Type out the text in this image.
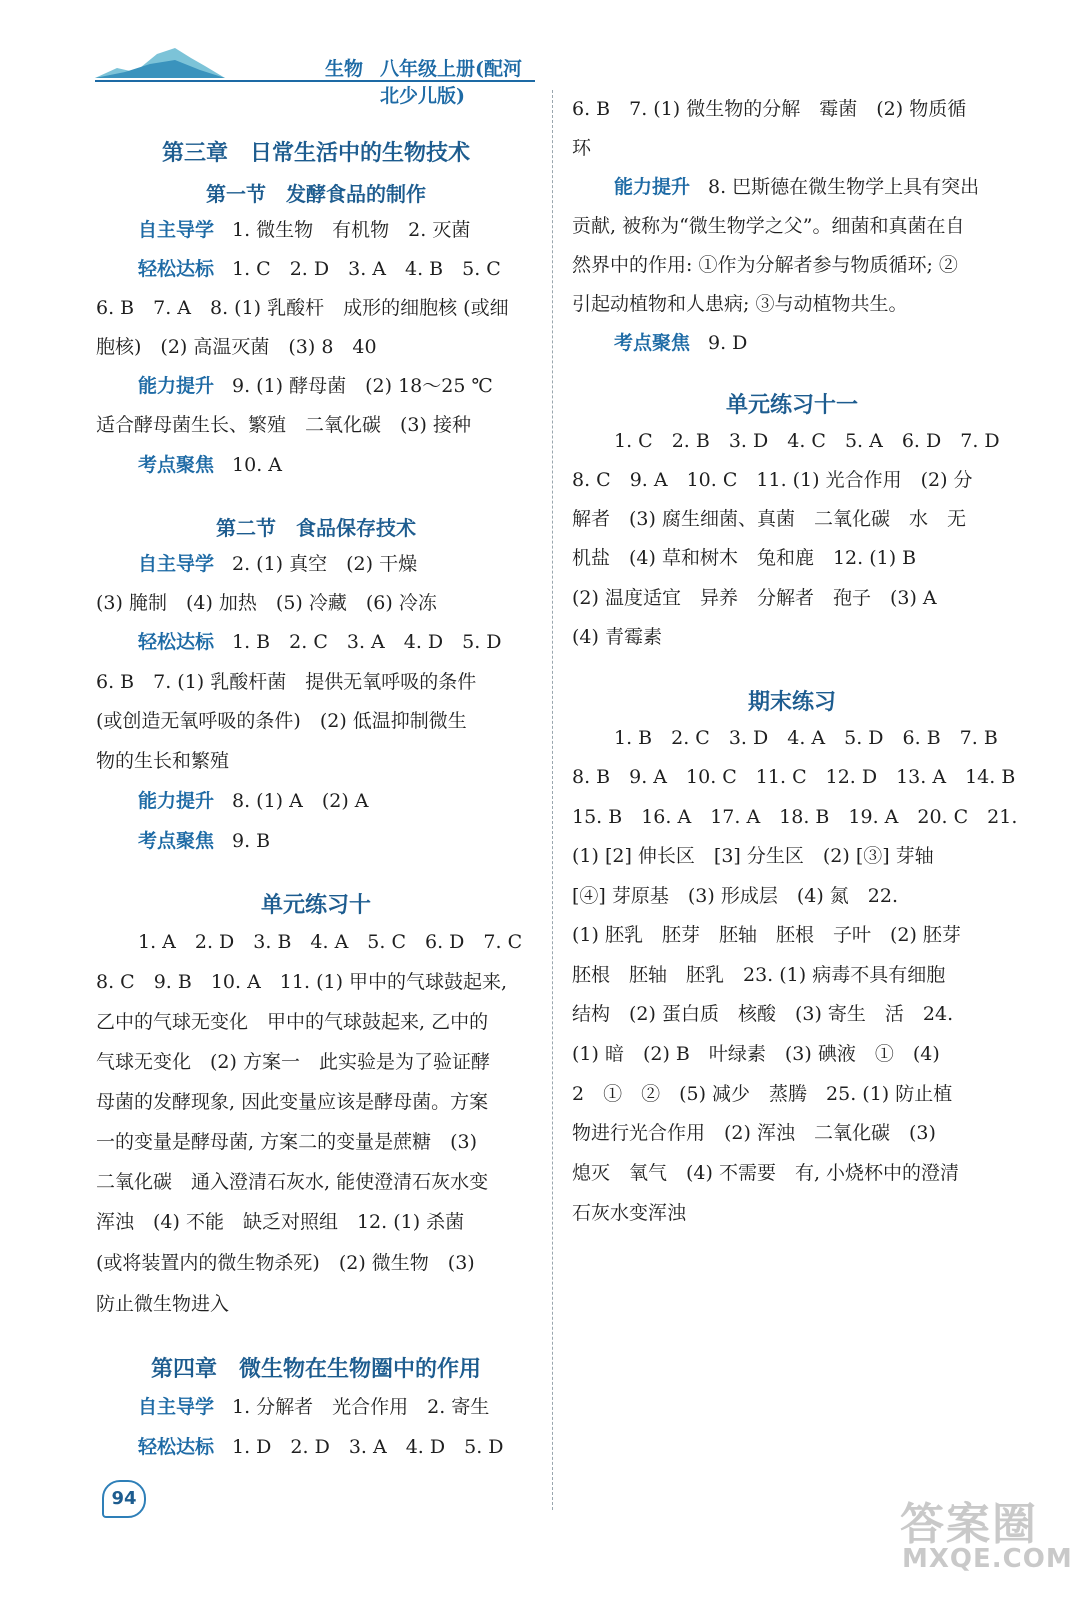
生物 八年级上册(配河北少儿版)
第三章　日常生活中的生物技术
第一节　发酵食品的制作
自主导学 1. 微生物　有机物　2. 灭菌
轻松达标 1. C　2. D　3. A　4. B　5. C
6. B　7. A　8. (1) 乳酸杆　成形的细胞核 (或细
胞核)　(2) 高温灭菌　(3) 8　40
能力提升 9. (1) 酵母菌　(2) 18～25 ℃
适合酵母菌生长、繁殖　二氧化碳　(3) 接种
考点聚焦 10. A
第二节　食品保存技术
自主导学 2. (1) 真空　(2) 干燥
(3) 腌制　(4) 加热　(5) 冷藏　(6) 冷冻
轻松达标 1. B　2. C　3. A　4. D　5. D
6. B　7. (1) 乳酸杆菌　提供无氧呼吸的条件
(或创造无氧呼吸的条件)　(2) 低温抑制微生
物的生长和繁殖
能力提升 8. (1) A　(2) A
考点聚焦 9. B
单元练习十
1. A　2. D　3. B　4. A　5. C　6. D　7. C
8. C　9. B　10. A　11. (1) 甲中的气球鼓起来,
乙中的气球无变化　甲中的气球鼓起来, 乙中的
气球无变化　(2) 方案一　此实验是为了验证酵
母菌的发酵现象, 因此变量应该是酵母菌。方案
一的变量是酵母菌, 方案二的变量是蔗糖　(3)
二氧化碳　通入澄清石灰水, 能使澄清石灰水变
浑浊　(4) 不能　缺乏对照组　12. (1) 杀菌
(或将装置内的微生物杀死)　(2) 微生物　(3)
防止微生物进入
第四章　微生物在生物圈中的作用
自主导学 1. 分解者　光合作用　2. 寄生
轻松达标 1. D　2. D　3. A　4. D　5. D
6. B　7. (1) 微生物的分解　霉菌　(2) 物质循
环
能力提升 8. 巴斯德在微生物学上具有突出
贡献, 被称为“微生物学之父”。细菌和真菌在自
然界中的作用: ①作为分解者参与物质循环; ②
引起动植物和人患病; ③与动植物共生。
考点聚焦 9. D
单元练习十一
1. C　2. B　3. D　4. C　5. A　6. D　7. D
8. C　9. A　10. C　11. (1) 光合作用　(2) 分
解者　(3) 腐生细菌、真菌　二氧化碳　水　无
机盐　(4) 草和树木　兔和鹿　12. (1) B
(2) 温度适宜　异养　分解者　孢子　(3) A
(4) 青霉素
期末练习
1. B　2. C　3. D　4. A　5. D　6. B　7. B
8. B　9. A　10. C　11. C　12. D　13. A　14. B
15. B　16. A　17. A　18. B　19. A　20. C　21.
(1) [2] 伸长区　[3] 分生区　(2) [③] 芽轴
[④] 芽原基　(3) 形成层　(4) 氮　22.
(1) 胚乳　胚芽　胚轴　胚根　子叶　(2) 胚芽
胚根　胚轴　胚乳　23. (1) 病毒不具有细胞
结构　(2) 蛋白质　核酸　(3) 寄生　活　24.
(1) 暗　(2) B　叶绿素　(3) 碘液　①　(4)
2　①　②　(5) 减少　蒸腾　25. (1) 防止植
物进行光合作用　(2) 浑浊　二氧化碳　(3)
熄灭　氧气　(4) 不需要　有, 小烧杯中的澄清
石灰水变浑浊
94
答案圈
MXQE.COM
